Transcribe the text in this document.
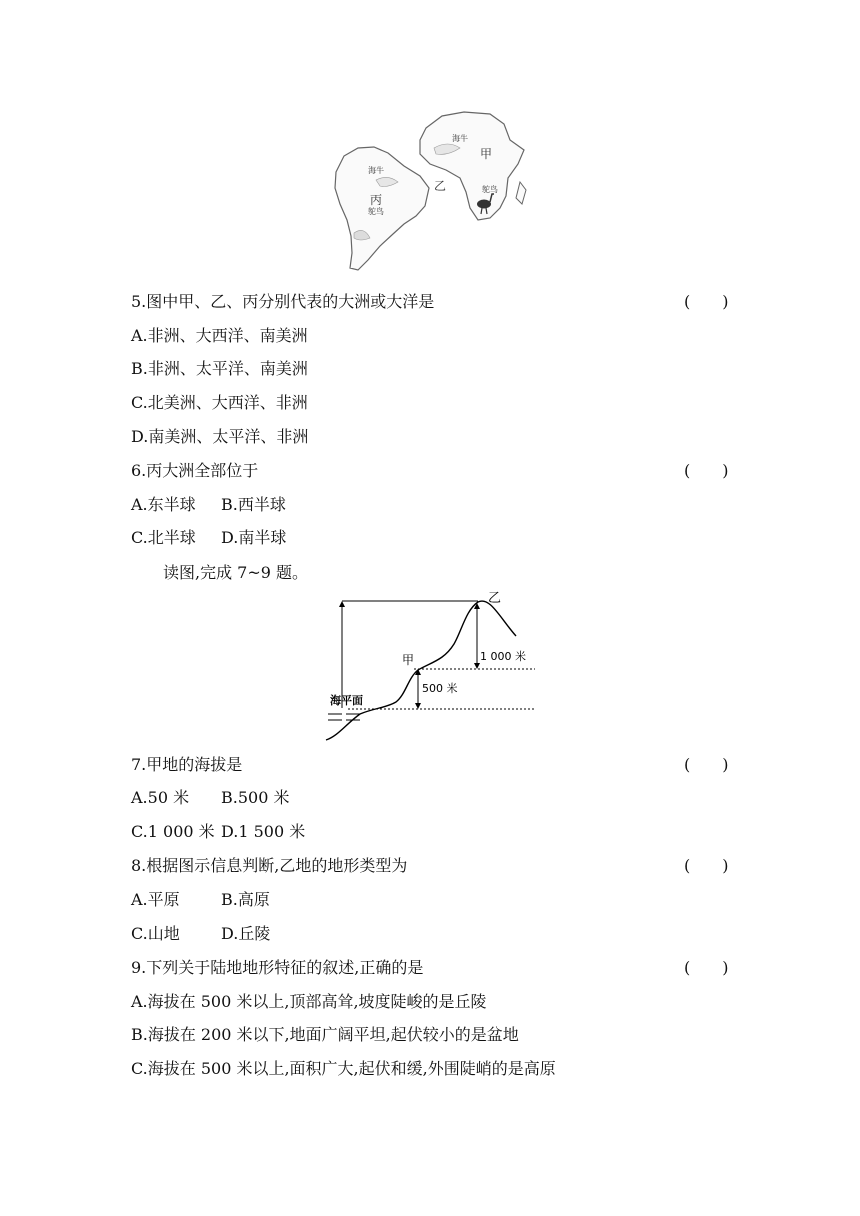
海牛
甲
乙	鸵鸟
海牛
丙
鸵鸟
5.图中甲、乙、丙分别代表的大洲或大洋是	(　　)
A.非洲、大西洋、南美洲
B.非洲、太平洋、南美洲
C.北美洲、大西洋、非洲
D.南美洲、太平洋、非洲
6.丙大洲全部位于	(　　)
A.东半球 B.西半球
C.北半球 D.南半球
读图,完成 7~9 题。
乙
甲	1 000 米
500 米
海平面
7.甲地的海拔是	(　　)
A.50 米 B.500 米
C.1 000 米 D.1 500 米
8.根据图示信息判断,乙地的地形类型为	(　　)
A.平原	B.高原
C.山地	D.丘陵
9.下列关于陆地地形特征的叙述,正确的是	(　　)
A.海拔在 500 米以上,顶部高耸,坡度陡峻的是丘陵
B.海拔在 200 米以下,地面广阔平坦,起伏较小的是盆地
C.海拔在 500 米以上,面积广大,起伏和缓,外围陡峭的是高原
